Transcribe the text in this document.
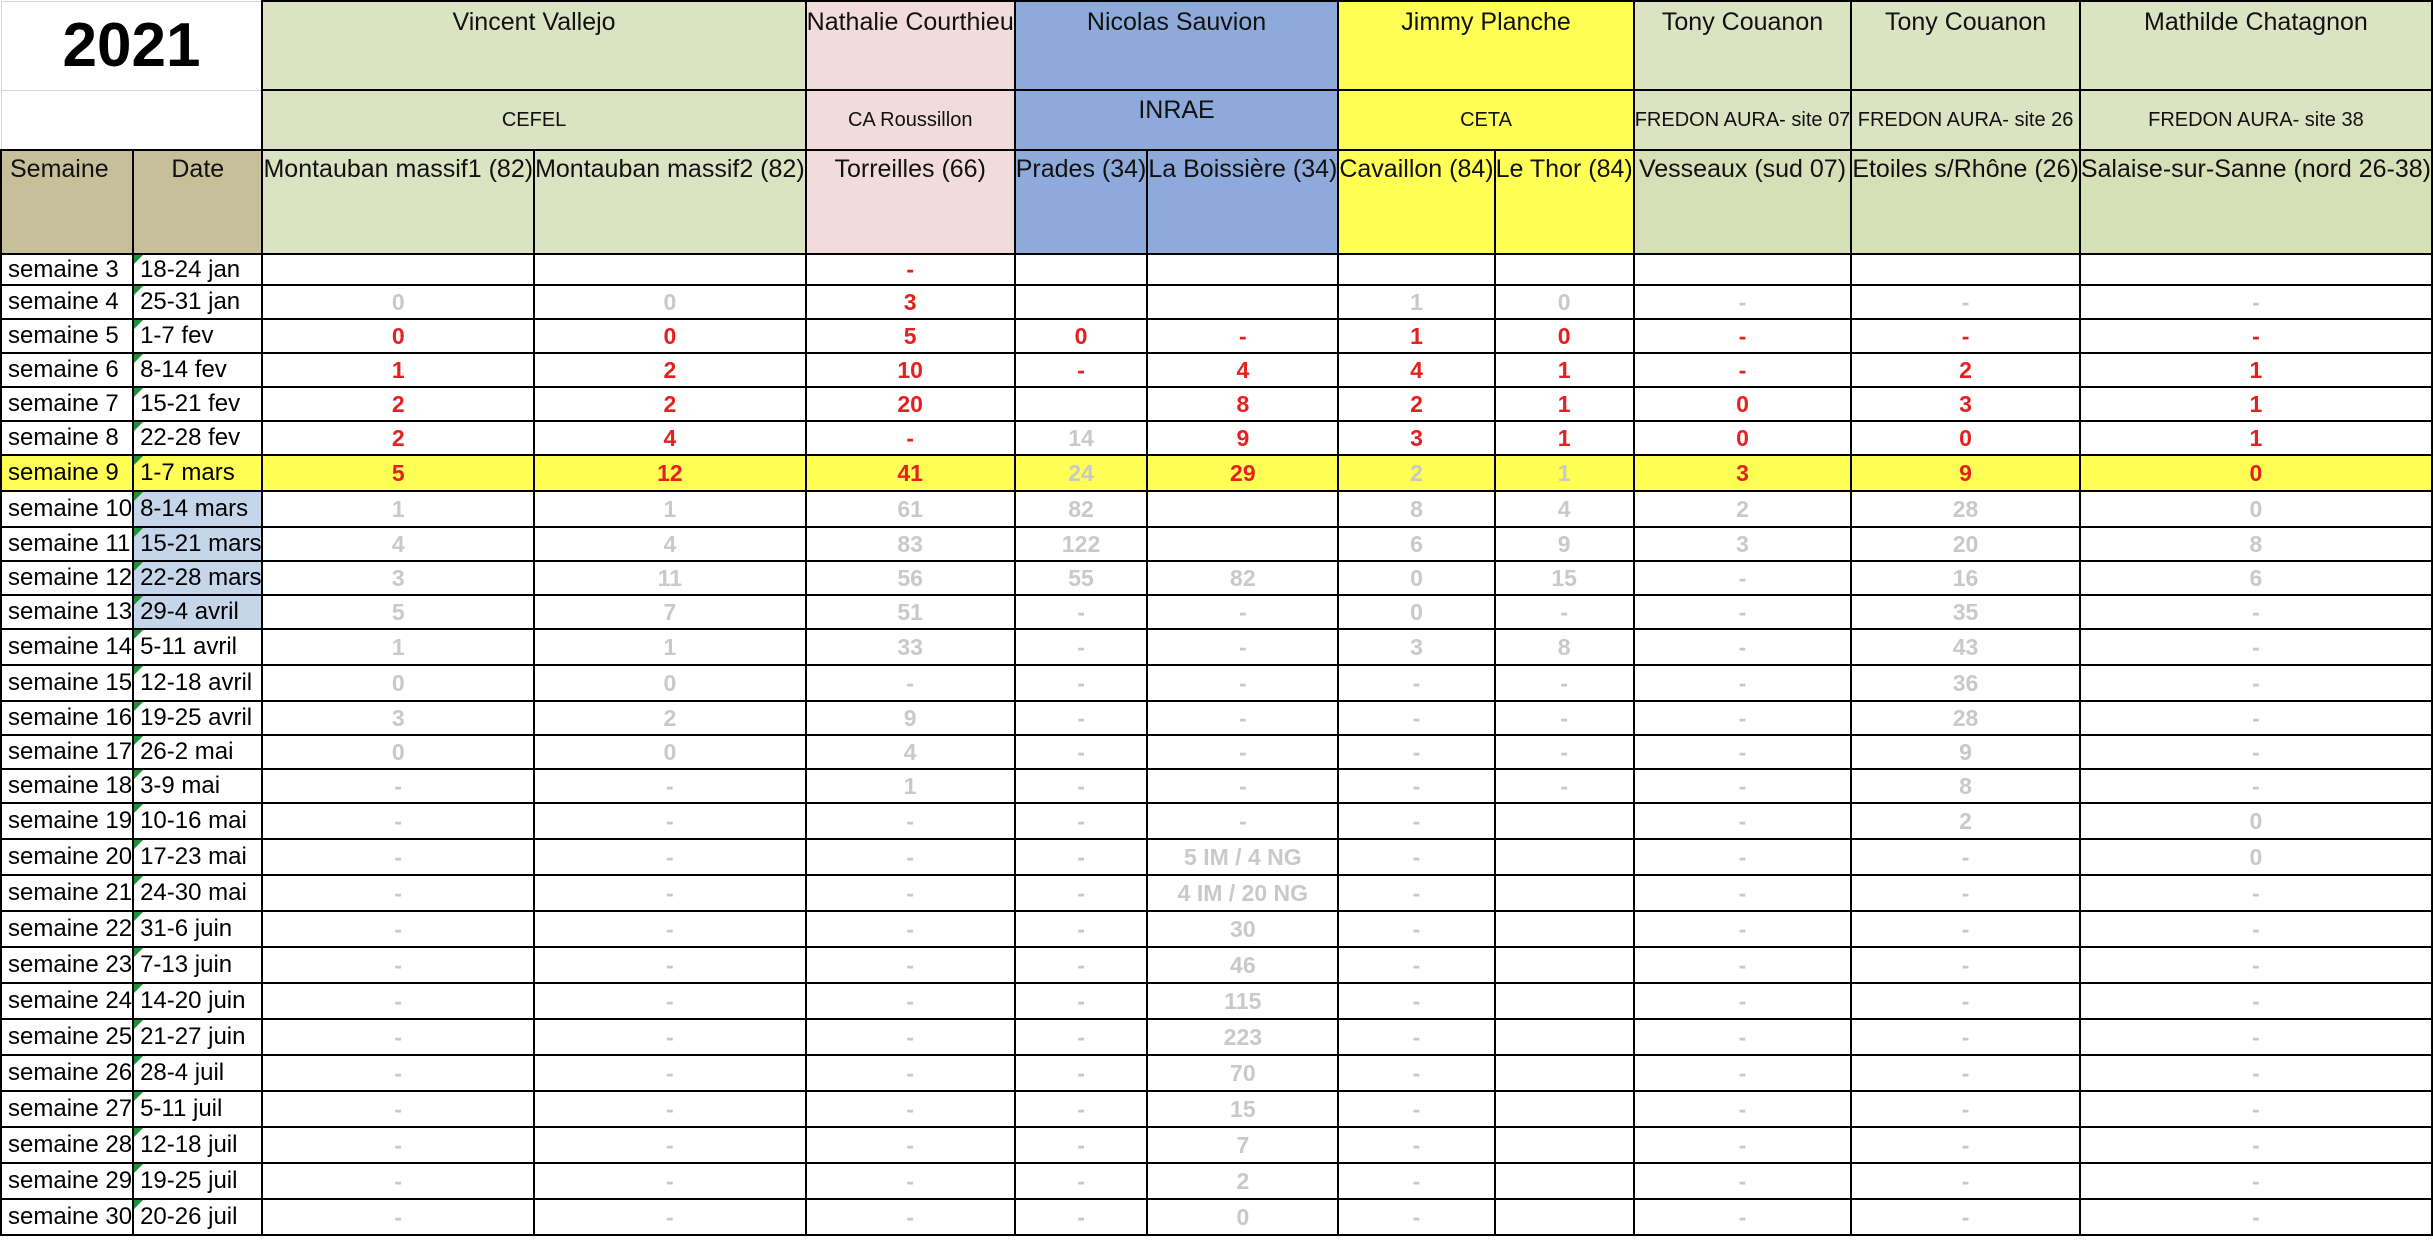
2021		Vincent Vallejo		Nathalie Courthieu	Nicolas Sauvion		Jimmy Planche		Tony Couanon	Tony Couanon	Mathilde Chatagnon
		CEFEL		CA Roussillon	INRAE		CETA		FREDON AURA- site 07	FREDON AURA- site 26	FREDON AURA- site 38
Semaine	Date	Montauban massif1 (82)	Montauban massif2 (82)	Torreilles (66)	Prades (34)	La Boissière (34)	Cavaillon (84)	Le Thor (84)	Vesseaux (sud 07)	Etoiles s/Rhône (26)	Salaise-sur-Sanne (nord 26-38)
semaine 3	18-24 jan			-							
semaine 4	25-31 jan	0	0	3			1	0	-	-	-
semaine 5	1-7 fev	0	0	5	0	-	1	0	-	-	-
semaine 6	8-14 fev	1	2	10	-	4	4	1	-	2	1
semaine 7	15-21 fev	2	2	20		8	2	1	0	3	1
semaine 8	22-28 fev	2	4	-	14	9	3	1	0	0	1
semaine 9	1-7 mars	5	12	41	24	29	2	1	3	9	0
semaine 10	8-14 mars	1	1	61	82		8	4	2	28	0
semaine 11	15-21 mars	4	4	83	122		6	9	3	20	8
semaine 12	22-28 mars	3	11	56	55	82	0	15	-	16	6
semaine 13	29-4 avril	5	7	51	-	-	0	-	-	35	-
semaine 14	5-11 avril	1	1	33	-	-	3	8	-	43	-
semaine 15	12-18 avril	0	0	-	-	-	-	-	-	36	-
semaine 16	19-25 avril	3	2	9	-	-	-	-	-	28	-
semaine 17	26-2 mai	0	0	4	-	-	-	-	-	9	-
semaine 18	3-9 mai	-	-	1	-	-	-	-	-	8	-
semaine 19	10-16 mai	-	-	-	-	-	-		-	2	0
semaine 20	17-23 mai	-	-	-	-	5 IM / 4 NG	-		-	-	0
semaine 21	24-30 mai	-	-	-	-	4 IM / 20 NG	-		-	-	-
semaine 22	31-6 juin	-	-	-	-	30	-		-	-	-
semaine 23	7-13 juin	-	-	-	-	46	-		-	-	-
semaine 24	14-20 juin	-	-	-	-	115	-		-	-	-
semaine 25	21-27 juin	-	-	-	-	223	-		-	-	-
semaine 26	28-4 juil	-	-	-	-	70	-		-	-	-
semaine 27	5-11 juil	-	-	-	-	15	-		-	-	-
semaine 28	12-18 juil	-	-	-	-	7	-		-	-	-
semaine 29	19-25 juil	-	-	-	-	2	-		-	-	-
semaine 30	20-26 juil	-	-	-	-	0	-		-	-	-
